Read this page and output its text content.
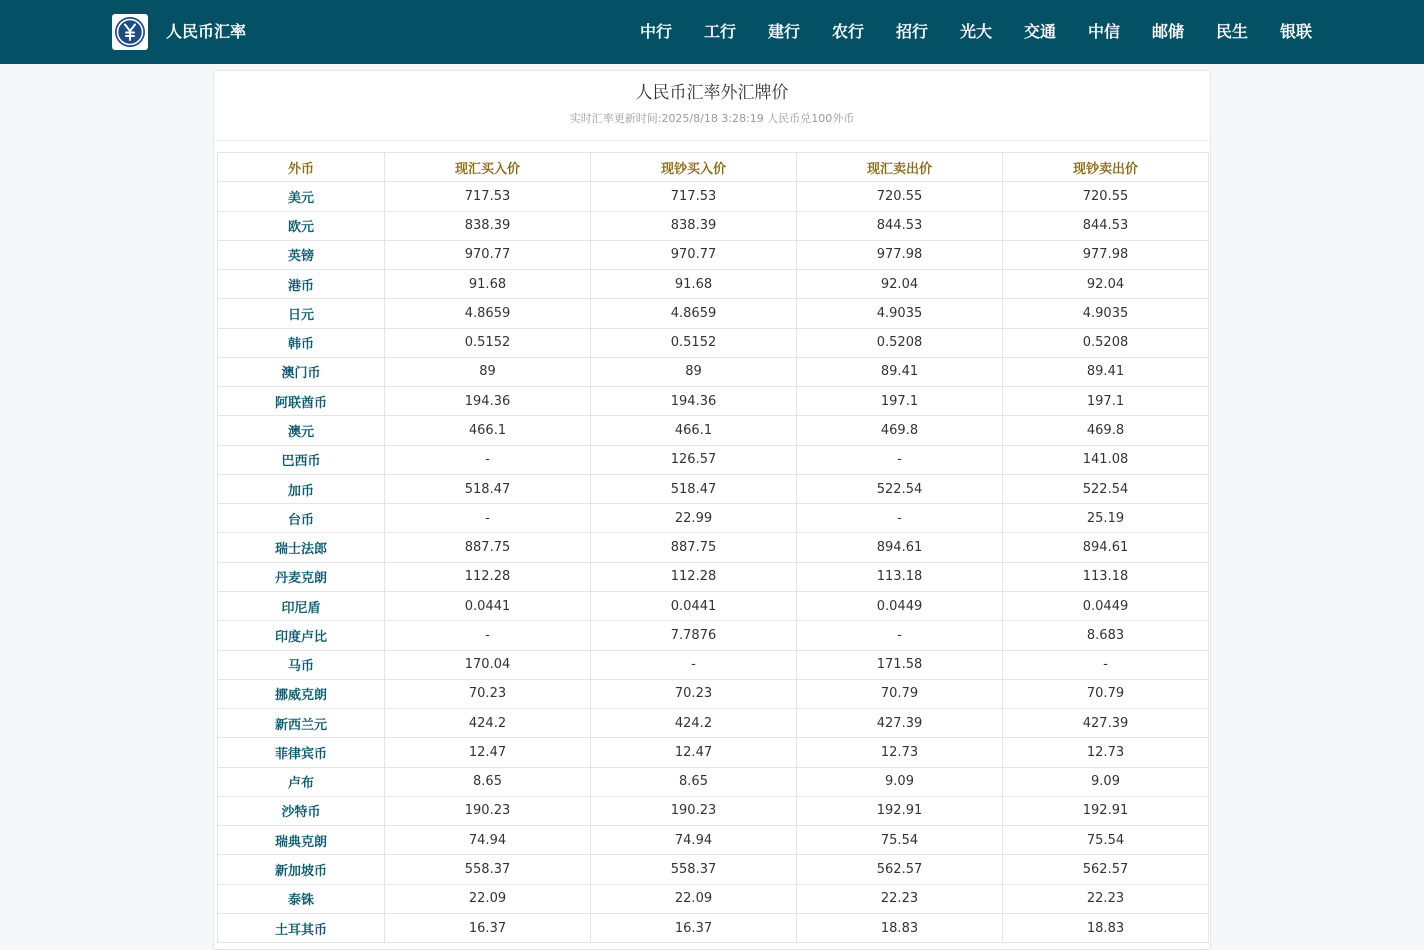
人民币汇率	中行	工行	建行	农行	招行	光大	交通	中信	邮储	民生	银联
人民币汇率外汇牌价
实时汇率更新时间:2025/8/18 3:28:19 人民币兑100外币
外币	现汇买入价	现钞买入价	现汇卖出价	现钞卖出价
美元	717.53	717.53	720.55	720.55
欧元	838.39	838.39	844.53	844.53
英镑	970.77	970.77	977.98	977.98
港币	91.68	91.68	92.04	92.04
日元	4.8659	4.8659	4.9035	4.9035
韩币	0.5152	0.5152	0.5208	0.5208
澳门币	89	89	89.41	89.41
阿联酋币	194.36	194.36	197.1	197.1
澳元	466.1	466.1	469.8	469.8
巴西币	-	126.57	-	141.08
加币	518.47	518.47	522.54	522.54
台币	-	22.99	-	25.19
瑞士法郎	887.75	887.75	894.61	894.61
丹麦克朗	112.28	112.28	113.18	113.18
印尼盾	0.0441	0.0441	0.0449	0.0449
印度卢比	-	7.7876	-	8.683
马币	170.04	-	171.58	-
挪威克朗	70.23	70.23	70.79	70.79
新西兰元	424.2	424.2	427.39	427.39
菲律宾币	12.47	12.47	12.73	12.73
卢布	8.65	8.65	9.09	9.09
沙特币	190.23	190.23	192.91	192.91
瑞典克朗	74.94	74.94	75.54	75.54
新加坡币	558.37	558.37	562.57	562.57
泰铢	22.09	22.09	22.23	22.23
土耳其币	16.37	16.37	18.83	18.83
